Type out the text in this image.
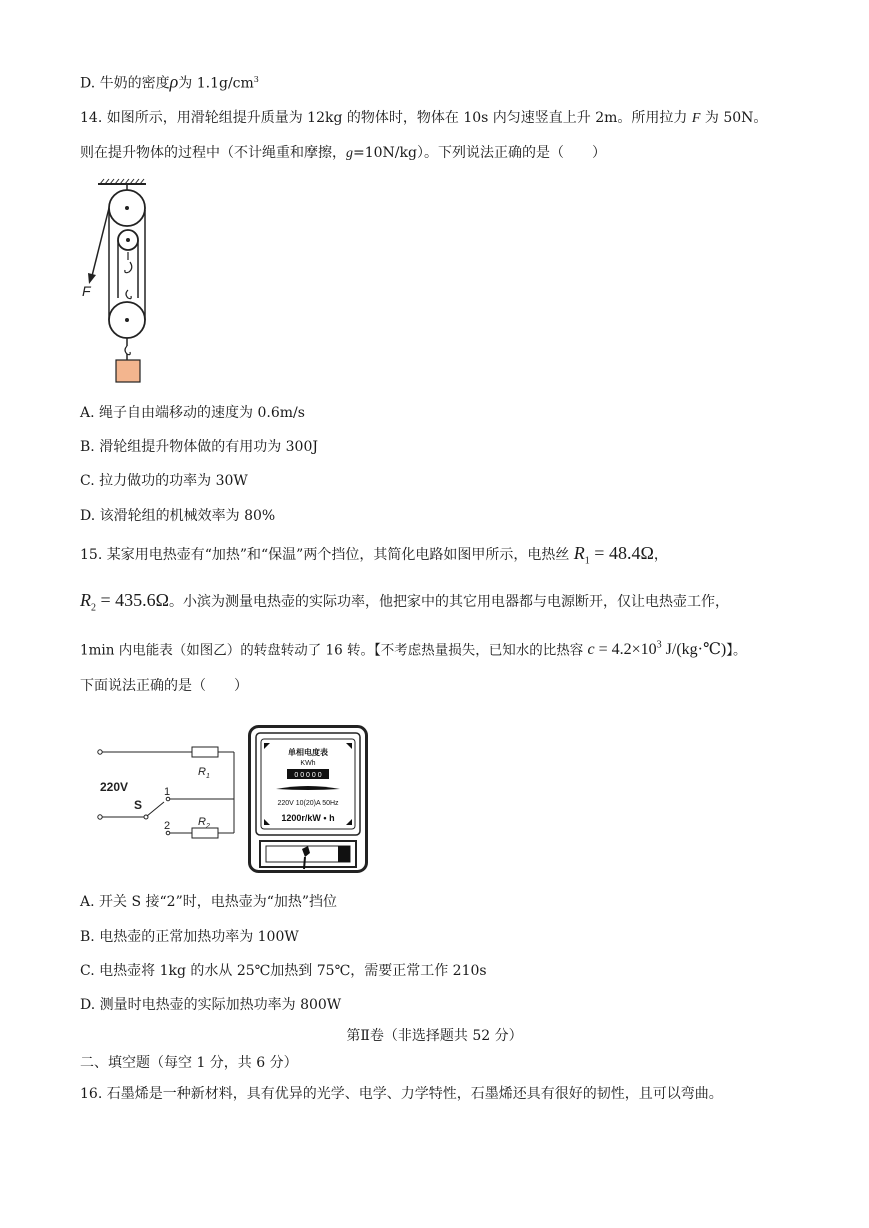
D. 牛奶的密度ρ为 $1.1g/cm^3$
14. 如图所示，用滑轮组提升质量为 12kg 的物体时，物体在 10s 内匀速竖直上升 2m。所用拉力 F 为 50N。
则在提升物体的过程中（不计绳重和摩擦，g=10N/kg）。下列说法正确的是（　　）
F
A. 绳子自由端移动的速度为 0.6m/s
B. 滑轮组提升物体做的有用功为 300J
C. 拉力做功的功率为 30W
D. 该滑轮组的机械效率为 80%
15. 某家用电热壶有“加热”和“保温”两个挡位，其简化电路如图甲所示，电热丝 $R_1 = 48.4\Omega$，
$R_2 = 435.6\Omega$。小滨为测量电热壶的实际功率，他把家中的其它用电器都与电源断开，仅让电热壶工作，
1min 内电能表（如图乙）的转盘转动了 16 转。【不考虑热量损失，已知水的比热容 $c = 4.2\times 10^3$ J/(kg·℃)】。
下面说法正确的是（　　）
220V
S
1
2
$R_1$
$R_2$
单相电度表
KWh
0 0 0 0 0
220V 10(20)A 50Hz
1200r/kW • h
A. 开关 S 接“2”时，电热壶为“加热”挡位
B. 电热壶的正常加热功率为 100W
C. 电热壶将 1kg 的水从 25℃加热到 75℃，需要正常工作 210s
D. 测量时电热壶的实际加热功率为 800W
第Ⅱ卷（非选择题共 52 分）
二、填空题（每空 1 分，共 6 分）
16. 石墨烯是一种新材料，具有优异的光学、电学、力学特性，石墨烯还具有很好的韧性，且可以弯曲。
